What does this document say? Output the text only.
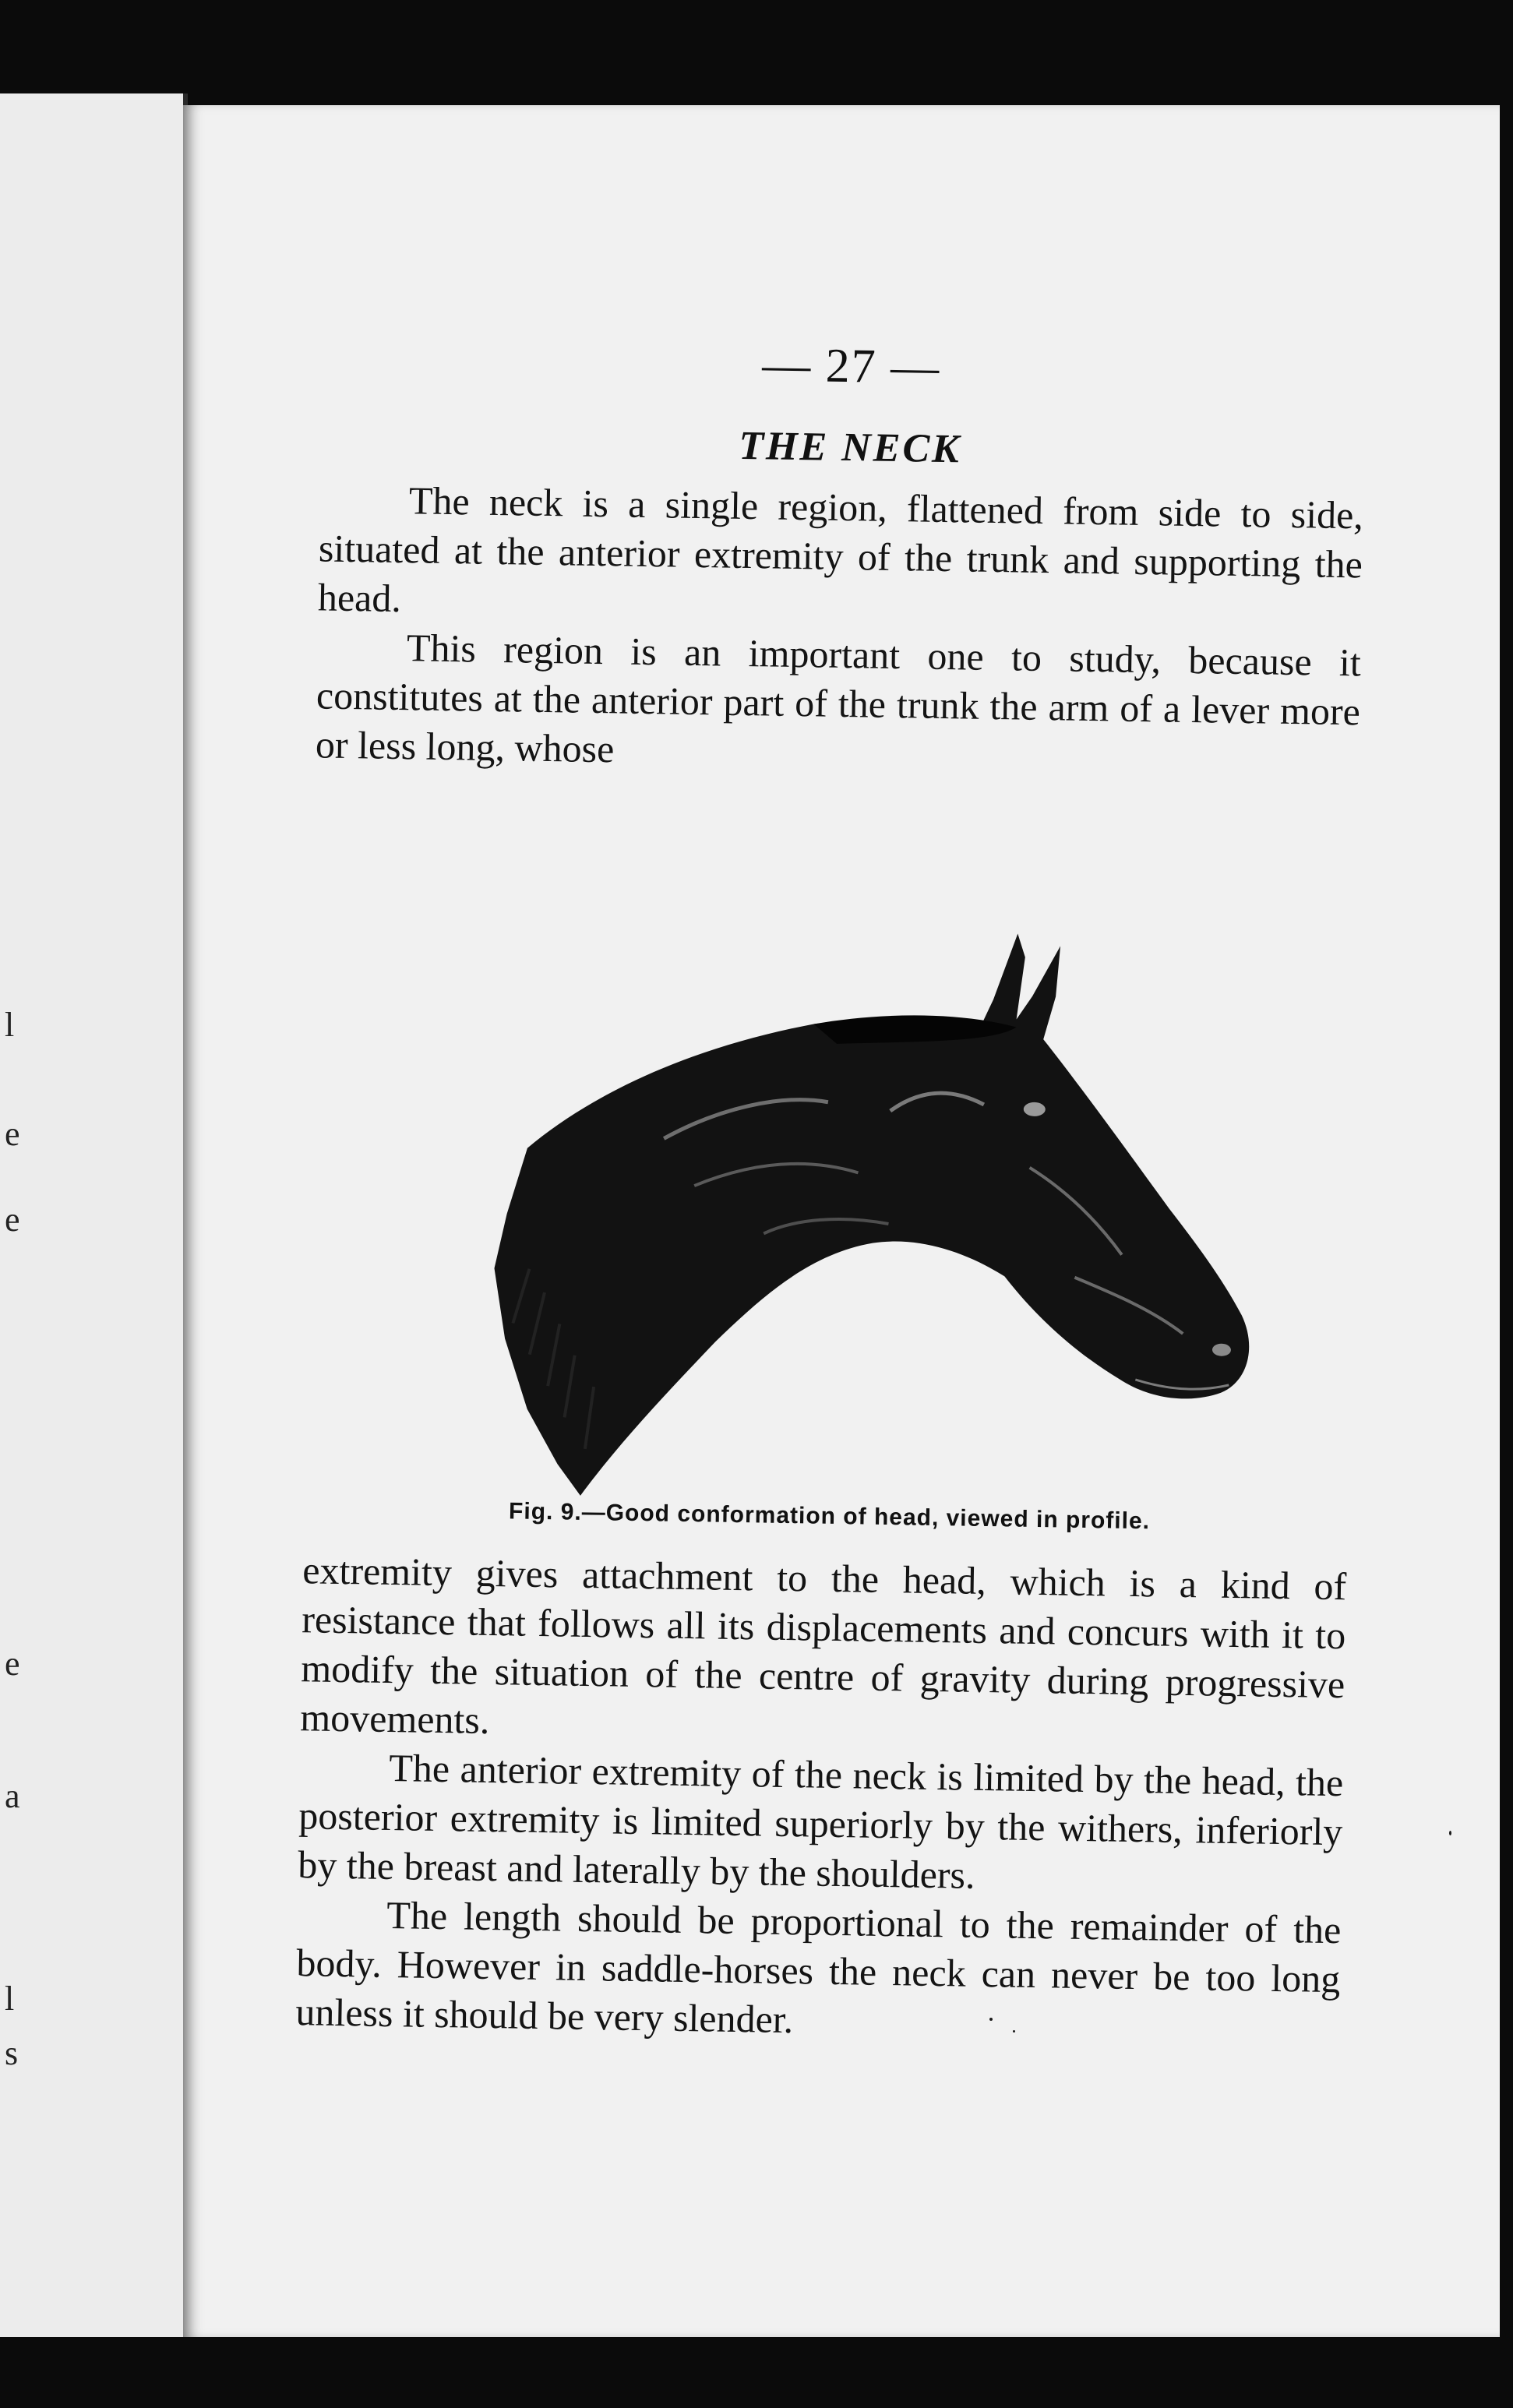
l
e
e
e
a
l
s
— 27 —
THE NECK

The neck is a single region, flattened from side to side, situated at the anterior extremity of the trunk and supporting the head.

This region is an important one to study, because it constitutes at the anterior part of the trunk the arm of a lever more or less long, whose

Fig. 9.—Good conformation of head, viewed in profile.

extremity gives attachment to the head, which is a kind of resistance that follows all its displacements and concurs with it to modify the situation of the centre of gravity during progressive movements.

The anterior extremity of the neck is limited by the head, the posterior extremity is limited superiorly by the withers, inferiorly by the breast and laterally by the shoulders.

The length should be proportional to the remainder of the body. However in saddle-horses the neck can never be too long unless it should be very slender.
